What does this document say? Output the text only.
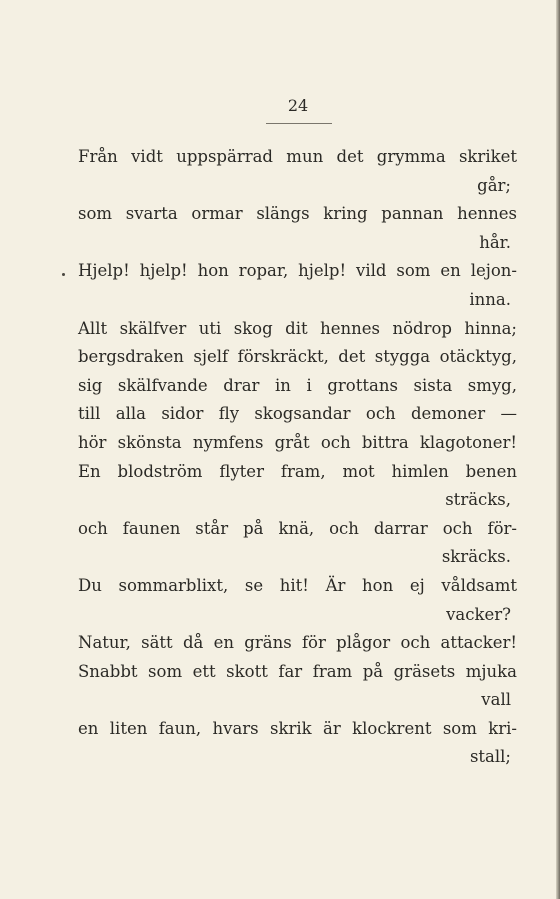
24
Från vidt uppspärrad mun det grymma skriket
går;
som svarta ormar slängs kring pannan hennes
hår.
Hjelp! hjelp! hon ropar, hjelp! vild som en lejon-
inna.
Allt skälfver uti skog dit hennes nödrop hinna;
bergsdraken sjelf förskräckt, det stygga otäcktyg,
sig skälfvande drar in i grottans sista smyg,
till alla sidor fly skogsandar och demoner —
hör skönsta nymfens gråt och bittra klagotoner!
En blodström flyter fram, mot himlen benen
sträcks,
och faunen står på knä, och darrar och för-
skräcks.
Du sommarblixt, se hit! Är hon ej våldsamt
vacker?
Natur, sätt då en gräns för plågor och attacker!
Snabbt som ett skott far fram på gräsets mjuka
vall
en liten faun, hvars skrik är klockrent som kri-
stall;
